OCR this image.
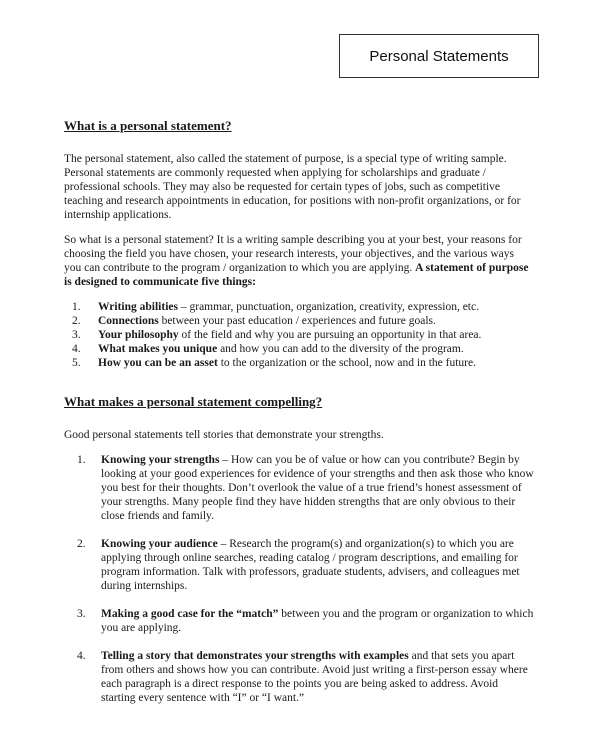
Personal Statements
What is a personal statement?

The personal statement, also called the statement of purpose, is a special type of writing sample. Personal statements are commonly requested when applying for scholarships and graduate / professional schools. They may also be requested for certain types of jobs, such as competitive teaching and research appointments in education, for positions with non-profit organizations, or for internship applications.

So what is a personal statement? It is a writing sample describing you at your best, your reasons for choosing the field you have chosen, your research interests, your objectives, and the various ways you can contribute to the program / organization to which you are applying. A statement of purpose is designed to communicate five things:

1.	Writing abilities – grammar, punctuation, organization, creativity, expression, etc.
2.	Connections between your past education / experiences and future goals.
3.	Your philosophy of the field and why you are pursuing an opportunity in that area.
4.	What makes you unique and how you can add to the diversity of the program.
5.	How you can be an asset to the organization or the school, now and in the future.
What makes a personal statement compelling?

Good personal statements tell stories that demonstrate your strengths.

1.	Knowing your strengths – How can you be of value or how can you contribute? Begin by looking at your good experiences for evidence of your strengths and then ask those who know you best for their thoughts. Don’t overlook the value of a true friend’s honest assessment of your strengths. Many people find they have hidden strengths that are only obvious to their close friends and family.
2.	Knowing your audience – Research the program(s) and organization(s) to which you are applying through online searches, reading catalog / program descriptions, and emailing for program information. Talk with professors, graduate students, advisers, and colleagues met during internships.
3.	Making a good case for the “match” between you and the program or organization to which you are applying.
4.	Telling a story that demonstrates your strengths with examples and that sets you apart from others and shows how you can contribute. Avoid just writing a first-person essay where each paragraph is a direct response to the points you are being asked to address. Avoid starting every sentence with “I” or “I want.”
